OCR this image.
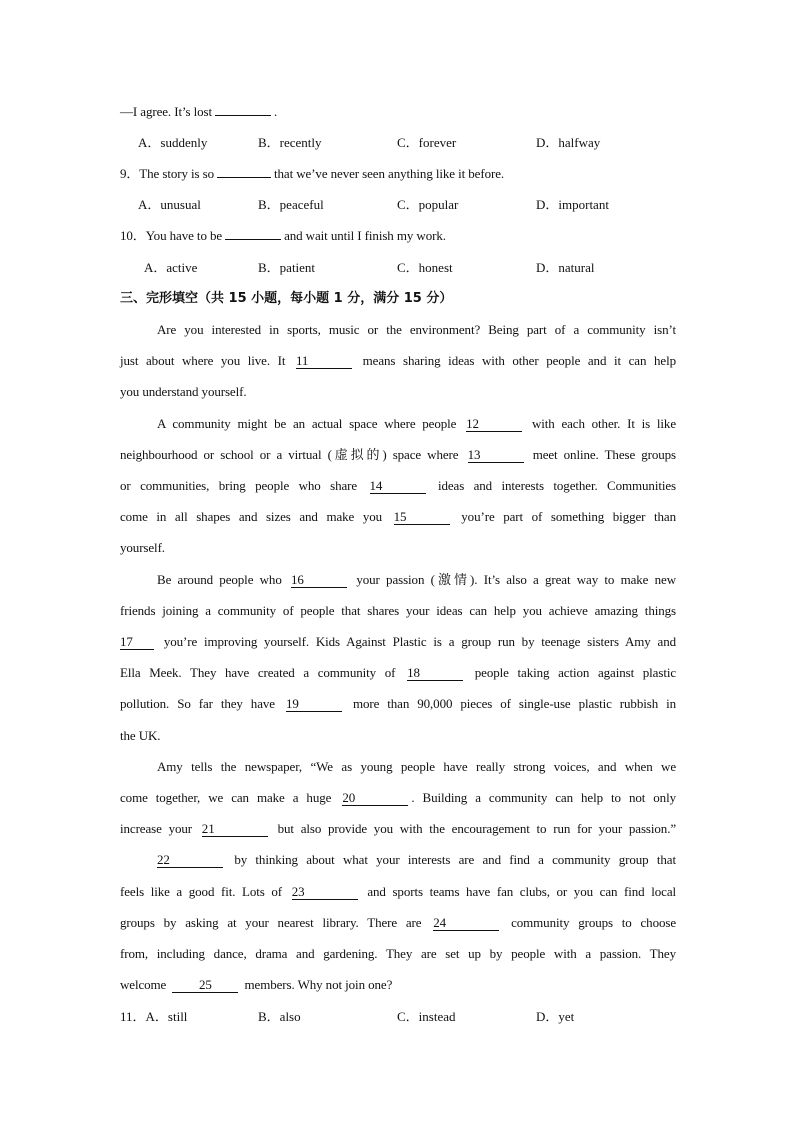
—I agree. It’s lost	.
A．suddenly	B．recently	C．forever	D．halfway
9．The story is so	that we’ve never seen anything like it before.
A．unusual	B．peaceful	C．popular	D．important
10．You have to be	and wait until I finish my work.
A．active	B．patient	C．honest	D．natural
三、完形填空（共 15 小题，每小题 1 分，满分 15 分）
Are you interested in sports, music or the environment? Being part of a community isn’t
just about where you live. It 11	means sharing ideas with other people and it can help
you understand yourself.
A community might be an actual space where people 12	with each other. It is like
neighbourhood or school or a virtual (虚拟的) space where 13	meet online. These groups
or communities, bring people who share 14	ideas and interests together. Communities
come in all shapes and sizes and make you 15	you’re part of something bigger than
yourself.
Be around people who 16	your passion (激情). It’s also a great way to make new
friends joining a community of people that shares your ideas can help you achieve amazing things
17 you’re improving yourself. Kids Against Plastic is a group run by teenage sisters Amy and
Ella Meek. They have created a community of 18	people taking action against plastic
pollution. So far they have 19	more than 90,000 pieces of single-use plastic rubbish in
the UK.
Amy tells the newspaper, “We as young people have really strong voices, and when we
come together, we can make a huge 20	. Building a community can help to not only
increase your 21	but also provide you with the encouragement to run for your passion.”
22	by thinking about what your interests are and find a community group that
feels like a good fit. Lots of 23	and sports teams have fan clubs, or you can find local
groups by asking at your nearest library. There are 24	community groups to choose
from, including dance, drama and gardening. They are set up by people with a passion. They
welcome	25	members. Why not join one?
11．A．still	B．also	C．instead	D．yet
